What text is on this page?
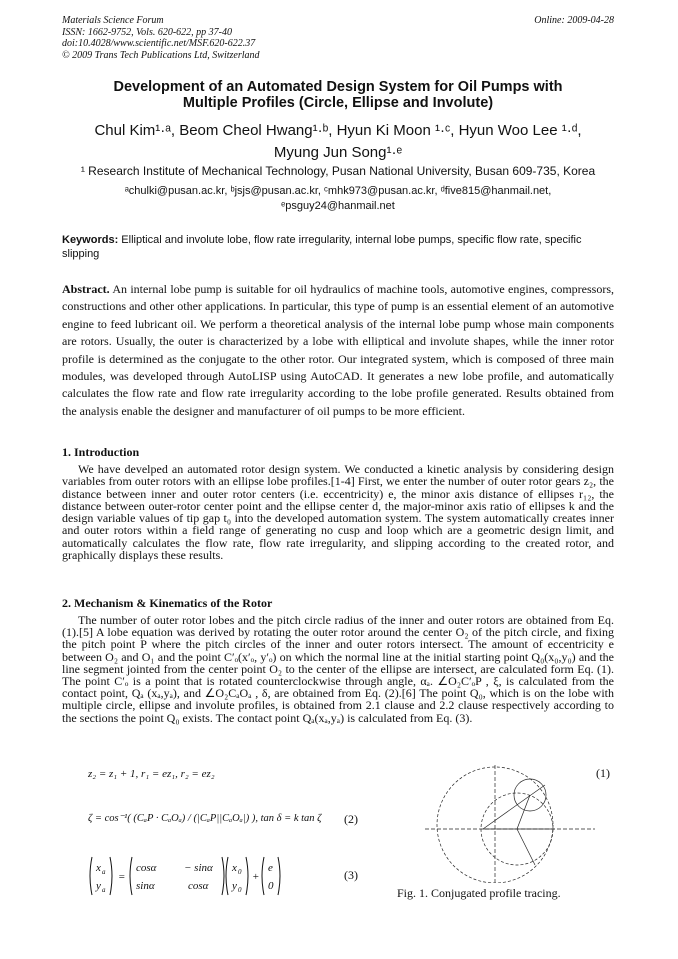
Materials Science Forum
ISSN: 1662-9752, Vols. 620-622, pp 37-40
doi:10.4028/www.scientific.net/MSF.620-622.37
© 2009 Trans Tech Publications Ltd, Switzerland
Online: 2009-04-28
Development of an Automated Design System for Oil Pumps with
Multiple Profiles (Circle, Ellipse and Involute)
Chul Kim¹·ᵃ, Beom Cheol Hwang¹·ᵇ, Hyun Ki Moon ¹·ᶜ, Hyun Woo Lee ¹·ᵈ,
Myung Jun Song¹·ᵉ
¹ Research Institute of Mechanical Technology, Pusan National University, Busan 609-735, Korea
ᵃchulki@pusan.ac.kr, ᵇjsjs@pusan.ac.kr, ᶜmhk973@pusan.ac.kr, ᵈfive815@hanmail.net,
ᵉpsguy24@hanmail.net
Keywords: Elliptical and involute lobe, flow rate irregularity, internal lobe pumps, specific flow rate, specific slipping
Abstract. An internal lobe pump is suitable for oil hydraulics of machine tools, automotive engines, compressors, constructions and other other applications. In particular, this type of pump is an essential element of an automotive engine to feed lubricant oil. We perform a theoretical analysis of the internal lobe pump whose main components are rotors. Usually, the outer is characterized by a lobe with elliptical and involute shapes, while the inner rotor profile is determined as the conjugate to the other rotor. Our integrated system, which is composed of three main modules, was developed through AutoLISP using AutoCAD. It generates a new lobe profile, and automatically calculates the flow rate and flow rate irregularity according to the lobe profile generated. Results obtained from the analysis enable the designer and manufacturer of oil pumps to be more efficient.
1. Introduction
We have develped an automated rotor design system. We conducted a kinetic analysis by considering design variables from outer rotors with an ellipse lobe profiles.[1-4] First, we enter the number of outer rotor gears z₂, the distance between inner and outer rotor centers (i.e. eccentricity) e, the minor axis distance of ellipses r₁₂, the distance between outer-rotor center point and the ellipse center d, the major-minor axis ratio of ellipses k and the design variable values of tip gap t₀ into the developed automation system. The system automatically creates inner and outer rotors within a field range of generating no cusp and loop which are a geometric design limit, and automatically calculates the flow rate, flow rate irregularity, and slipping according to the created rotor, and graphically displays these results.
2. Mechanism & Kinematics of the Rotor
The number of outer rotor lobes and the pitch circle radius of the inner and outer rotors are obtained from Eq. (1).[5] A lobe equation was derived by rotating the outer rotor around the center O₂ of the pitch circle, and fixing the pitch point P where the pitch circles of the inner and outer rotors intersect. The amount of eccentricity e between O₂ and O₁ and the point C′ₒ(x′ₒ, y′ₒ) on which the normal line at the initial starting point Q₀(x₀,y₀) and the line segment jointed from the center point O₂ to the center of the ellipse are intersect, are calculated form Eq. (1). The point C′ₒ is a point that is rotated counterclockwise through angle, αₐ. ∠O₂C′ₒP , ξ, is calculated from the contact point, Qₐ (xₐ,yₐ), and ∠O₂CₐOₐ , δ, are obtained from Eq. (2).[6] The point Q₀, which is on the lobe with multiple circle, ellipse and involute profiles, is obtained from 2.1 clause and 2.2 clause respectively according to the sections the point Q₀ exists. The contact point Qₐ(xₐ,yₐ) is calculated from Eq. (3).
z₂ = z₁ + 1, r₁ = ez₁, r₂ = ez₂	(1)
ζ = cos⁻¹( (CₐP · CₐOₐ) / (|CₐP||CₐOₐ|) ), tan δ = k tan ζ	(2)
x a
y a
=
cosα	− sinα
sinα	cosα
x 0
y 0
+
e
0
(3)
Fig. 1. Conjugated profile tracing.
